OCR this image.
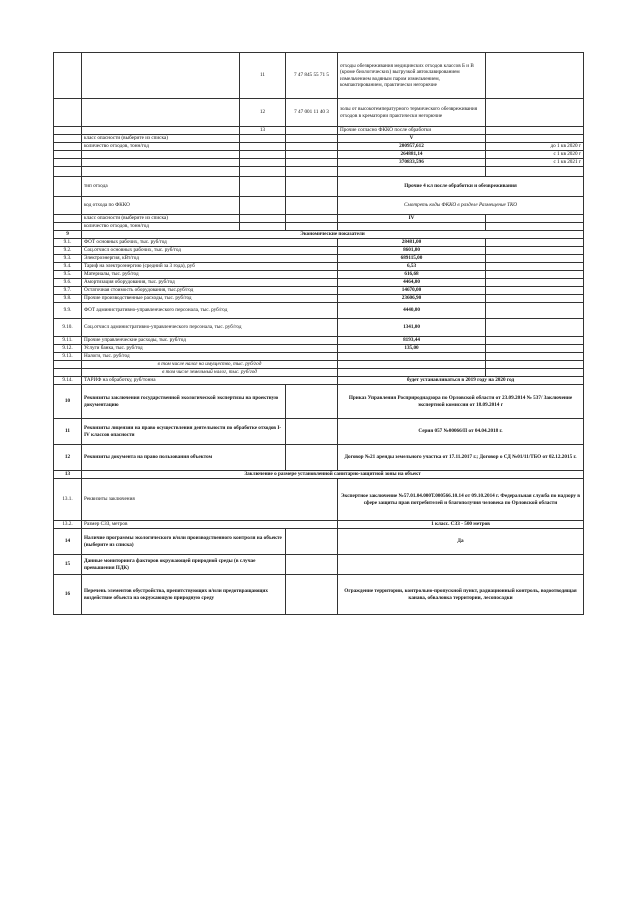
		11	7 47 845 55 71 5	отходы обезвреживания медицинских отходов классов Б и В (кроме биологических) выгрузкой автоклавированием измельчением водяным паром измельчением, компактированием, практически негорючие	
		12	7 47 001 11 40 3	золы от высокотемпературного термического обезвреживания отходов в крематории практически негорючие	
		13		Прочие согласно ФККО после обработки	
	класс опасности (выберите из списка)			V	
	количество отходов, тонн/год			200957,612	до 1 кв 2020 г
				264881,14	с 1 кв 2020 г
				370833,596	с 1 кв 2021 г

	тип отхода			Прочие 4 кл после обработки и обезвреживания	
	код отхода по ФККО			Смотреть коды ФККО в разделе Размещение ТКО	
	класс опасности (выберите из списка)			IV	
	количество отходов, тонн/год				
9	Экономические показатели				
9.1.	ФОТ основных рабочих, тыс. руб/год			28481,00	
9.2.	Соц.отчисл основных рабочих, тыс. руб/год			8601,00	
9.3.	Электроэнергия, кВт/год			689115,00	
9.4.	Тариф на электроэнергию (средний за 3 года), руб			6,53	
9.5.	Материалы, тыс. руб/год			616,68	
9.6.	Амортизация оборудования, тыс. руб/год			4464,00	
9.7.	Остаточная стоимость оборудования, тыс.руб/год			14670,00	
9.8.	Прочие производственные расходы, тыс. руб/год			23606,90	
9.9.	ФОТ административно-управленческого персонала, тыс. руб/год			4440,00	
9.10.	Соц.отчисл административно-управленческого персонала, тыс. руб/год			1341,00	
9.11.	Прочие управленческие расходы, тыс. руб/год			8193,44	
9.12.	Услуги банка, тыс. руб/год			135,00	
9.13.	Налоги, тыс. руб/год				
	в том числе налог на имущество, тыс. руб/год				
	в том числе земельный налог, тыс. руб/год				
9.14.	ТАРИФ на обработку, руб/тонна			будет устанавливаться в 2019 году на 2020 год	
10	Реквизиты заключения государственной экологической экспертизы на проектную документацию			Приказ Управления Росприроднадзора по Орловской области от 23.09.2014 № 537/ Заключение экспертной комиссии от 18.09.2014 г	
11	Реквизиты лицензии на право осуществления деятельности по обработке отходов I-IV классов опасности			Серия 057 №00066/П от 04.04.2018 г.	
12	Реквизиты документа на право пользования объектом			Договор №21 аренды земельного участка от 17.11.2017 г.; Договор о СД №01/11/ТБО от 02.12.2015 г.	
13	Заключение о размере установленной санитарно-защитной зоны на объект				
13.1.	Реквизиты заключения			Экспертное заключение №57.01.04.000Т.000566.10.14 от 09.10.2014 г. Федеральная служба по надзору в сфере защиты прав потребителей и благополучия человека по Орловской области	
13.2.	Размер СЗЗ, метров			1 класс. СЗЗ - 500 метров	
14	Наличие программы экологического и/или производственного контроля на объекте (выберите из списка)			Да	
15	Данные мониторинга факторов окружающей природной среды (в случае превышения ПДК)				
16	Перечень элементов обустройства, препятствующих и/или предотвращающих воздействие объекта на окружающую природную среду			Ограждение территории, контрольно-пропускной пункт, радиационный контроль, водоотводящая канава, обваловка территории, лесопосадки	
